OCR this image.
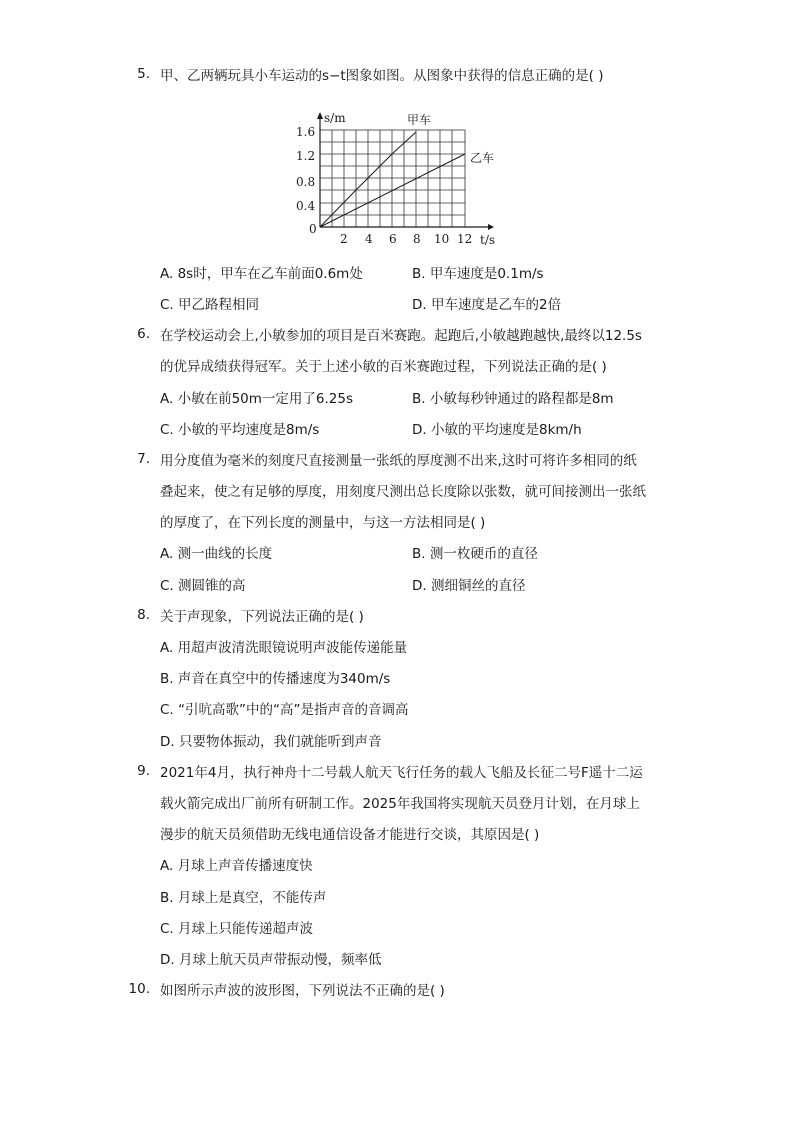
5. 甲、乙两辆玩具小车运动的s−t图象如图。从图象中获得的信息正确的是( )
s/m
t/s
0
1.6
1.2
0.8
0.4
2 4 6 8 10 12
甲车
乙车
A. 8s时，甲车在乙车前面0.6m处	B. 甲车速度是0.1m/s
C. 甲乙路程相同	D. 甲车速度是乙车的2倍
6. 在学校运动会上,小敏参加的项目是百米赛跑。起跑后,小敏越跑越快,最终以12.5s
的优异成绩获得冠军。关于上述小敏的百米赛跑过程，下列说法正确的是( )
A. 小敏在前50m一定用了6.25s	B. 小敏每秒钟通过的路程都是8m
C. 小敏的平均速度是8m/s	D. 小敏的平均速度是8km/h
7. 用分度值为毫米的刻度尺直接测量一张纸的厚度测不出来,这时可将许多相同的纸
叠起来，使之有足够的厚度，用刻度尺测出总长度除以张数，就可间接测出一张纸
的厚度了，在下列长度的测量中，与这一方法相同是( )
A. 测一曲线的长度	B. 测一枚硬币的直径
C. 测圆锥的高	D. 测细铜丝的直径
8. 关于声现象，下列说法正确的是( )
A. 用超声波清洗眼镜说明声波能传递能量
B. 声音在真空中的传播速度为340m/s
C. “引吭高歌”中的“高”是指声音的音调高
D. 只要物体振动，我们就能听到声音
9. 2021年4月，执行神舟十二号载人航天飞行任务的载人飞船及长征二号F遥十二运
载火箭完成出厂前所有研制工作。2025年我国将实现航天员登月计划，在月球上
漫步的航天员须借助无线电通信设备才能进行交谈，其原因是( )
A. 月球上声音传播速度快
B. 月球上是真空，不能传声
C. 月球上只能传递超声波
D. 月球上航天员声带振动慢，频率低
10. 如图所示声波的波形图，下列说法不正确的是( )
